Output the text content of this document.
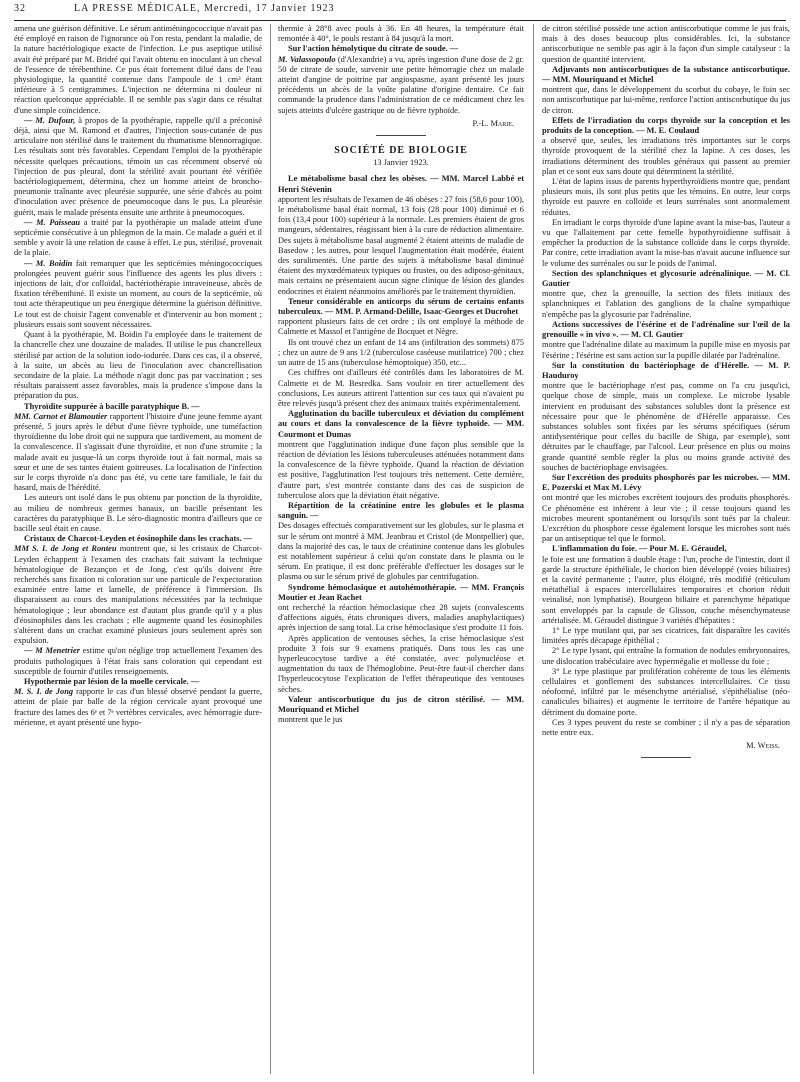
32	LA PRESSE MÉDICALE, Mercredi, 17 Janvier 1923

amena une guérison définitive. Le sérum antiméningococcique n'avait pas été employé en raison de l'ignorance où l'on resta, pendant la maladie, de la nature bactériologique exacte de l'infection. Le pus aseptique utilisé avait été préparé par M. Bridré qui l'avait obtenu en inoculant à un cheval de l'essence de térébenthine. Ce pus était fortement dilué dans de l'eau physiologique, la quantité contenue dans l'ampoule de 1 cm³ étant inférieure à 5 centigrammes. L'injection ne détermina ni douleur ni réaction quelconque appréciable. Il ne semble pas s'agir dans ce résultat d'une simple coïncidence.

— M. Dufour, à propos de la pyothérapie, rappelle qu'il a préconisé déjà, ainsi que M. Ramond et d'autres, l'injection sous-cutanée de pus articulaire non stérilisé dans le traitement du rhumatisme blennorragique. Les résultats sont très favorables. Cependant l'emploi de la pyothérapie nécessite quelques précautions, témoin un cas récemment observé où l'injection de pus pleural, dont la stérilité avait pourtant été vérifiée bactériologiquement, détermina, chez un homme atteint de broncho-pneumonie traînante avec pleurésie suppurée, une série d'abcès au point d'inoculation avec présence de pneumocoque dans le pus. La pleurésie guérit, mais le malade présenta ensuite une arthrite à pneumocoques.

— M. Paisseau a traité par la pyothérapie un malade atteint d'une septicémie consécutive à un phlegmon de la main. Ce malade a guéri et il semble y avoir là une relation de cause à effet. Le pus, stérilisé, provenait de la plaie.

— M. Boidin fait remarquer que les septicémies méningococciques prolongées peuvent guérir sous l'influence des agents les plus divers : injections de lait, d'or colloïdal, bactériothérapie intraveineuse, abcès de fixation térébenthiné. Il existe un moment, au cours de la septicémie, où tout acte thérapeutique un peu énergique détermine la guérison définitive. Le tout est de choisir l'agent convenable et d'intervenir au bon moment ; plusieurs essais sont souvent nécessaires.

Quant à la pyothérapie, M. Boidin l'a employée dans le traitement de la chancrelle chez une douzaine de malades. Il utilise le pus chancrelleux stérilisé par action de la solution iodo-iodurée. Dans ces cas, il a observé, à la suite, un abcès au lieu de l'inoculation avec chancrellisation secondaire de la plaie. La méthode n'agit donc pas par vaccination ; ses résultats paraissent assez favorables, mais la prudence s'impose dans la préparation du pus.

Thyroïdite suppurée à bacille paratyphique B. —

MM. Carnot et Blamoutier rapportent l'histoire d'une jeune femme ayant présenté, 5 jours après le début d'une fièvre typhoïde, une tuméfaction thyroïdienne du lobe droit qui ne suppura que tardivement, au moment de la convalescence. Il s'agissait d'une thyroïdite, et non d'une strumite ; la malade avait eu jusque-là un corps thyroïde tout à fait normal, mais sa sœur et une de ses tantes étaient goitreuses. La localisation de l'infection sur le corps thyroïde n'a donc pas été, vu cette tare familiale, le fait du hasard, mais de l'hérédité.

Les auteurs ont isolé dans le pus obtenu par ponction de la thyroïdite, au milieu de nombreux germes banaux, un bacille présentant les caractères du paratyphique B. Le séro-diagnostic montra d'ailleurs que ce bacille seul était en cause.

Cristaux de Charcot-Leyden et éosinophile dans les crachats. —

MM S. I. de Jong et Ronteu montrent que, si les cristaux de Charcot-Leyden échappent à l'examen des crachats fait suivant la technique hématologique de Bezançon et de Jong, c'est qu'ils doivent être recherchés sans fixation ni coloration sur une particule de l'expectoration examinée entre lame et lamelle, de préférence à l'immersion. Ils disparaissent au cours des manipulations nécessitées par la technique hématologique ; leur abondance est d'autant plus grande qu'il y a plus d'éosinophiles dans les crachats ; elle augmente quand les éosinophiles s'altèrent dans un crachat examiné plusieurs jours seulement après son expulsion.

— M Menetrier estime qu'on néglige trop actuellement l'examen des produits pathologiques à l'état frais sans coloration qui cependant est susceptible de fournir d'utiles renseignements.

Hypothermie par lésion de la moelle cervicale. —

M. S. I. de Jong rapporte le cas d'un blessé observé pendant la guerre, atteint de plaie par balle de la région cervicale ayant provoqué une fracture des lames des 6ᵉ et 7ᵉ vertèbres cervicales, avec hémorragie dure-mérienne, et ayant présenté une hypo-

thermie à 28°8 avec pouls à 36. En 48 heures, la température était remontée à 40°, le pouls restant à 84 jusqu'à la mort.

Sur l'action hémolytique du citrate de soude. —

M. Valassopoulo (d'Alexandrie) a vu, après ingestion d'une dose de 2 gr. 50 de citrate de soude, survenir une petite hémorragie chez un malade atteint d'angine de poitrine par angiospasme, ayant présenté les jours précédents un abcès de la voûte palatine d'origine dentaire. Ce fait commande la prudence dans l'administration de ce médicament chez les sujets atteints d'ulcère gastrique ou de fièvre typhoïde.

P.-L. Marie.
SOCIÉTÉ DE BIOLOGIE
13 Janvier 1923.

Le métabolisme basal chez les obèses. — MM. Marcel Labbé et Henri Stévenin

apportent les résultats de l'examen de 46 obèses : 27 fois (58,6 pour 100), le métabolisme basal était normal, 13 fois (28 pour 100) diminué et 6 fois (13,4 pour 100) supérieur à la normale. Les premiers étaient de gros mangeurs, sédentaires, réagissant bien à la cure de réduction alimentaire. Des sujets à métabolisme basal augmenté 2 étaient atteints de maladie de Basedow ; les autres, pour lesquel l'augmentation était modérée, étaient des suralimentés. Une partie des sujets à métabolisme basal diminué étaient des myxœdémateux typiques ou frustes, ou des adiposo-génitaux, mais certains ne présentaient aucun signe clinique de lésion des glandes endocrines et étaient néanmoins améliorés par le traitement thyroïdien.

Teneur considérable en anticorps du sérum de certains enfants tuberculeux. — MM. P. Armand-Delille, Isaac-Georges et Ducrohet

rapportent plusieurs faits de cet ordre ; ils ont employé la méthode de Calmette et Massol et l'antigène de Bocquet et Nègre.

Ils ont trouvé chez un enfant de 14 ans (infiltration des sommets) 875 ; chez un autre de 9 ans 1/2 (tuberculose caséeuse mutilatrice) 700 ; chez un autre de 15 ans (tuberculose hémoptoïque) 350, etc...

Ces chiffres ont d'ailleurs été contrôlés dans les laboratoires de M. Calmette et de M. Besredka. Sans vouloir en tirer actuellement des conclusions, Les auteurs attirent l'attention sur ces taux qui n'avaient pu être relevés jusqu'à présent chez des animaux traités expérimentalement.

Agglutination du bacille tuberculeux et déviation du complément au cours et dans la convalescence de la fièvre typhoïde. — MM. Courmont et Dumas

montrent que l'agglutination indique d'une façon plus sensible que la réaction de déviation les lésions tuberculeuses atténuées notamment dans la convalescence de la fièvre typhoïde. Quand la réaction de déviation est positive, l'agglutination l'est toujours très nettement. Cette dernière, d'autre part, s'est montrée constante dans des cas de suspicion de tuberculose alors que la déviation était négative.

Répartition de la créatinine entre les globules et le plasma sanguin. —

Des dosages effectués comparativement sur les globules, sur le plasma et sur le sérum ont montré à MM. Jeanbrau et Cristol (de Montpellier) que, dans la majorité des cas, le taux de créatinine contenue dans les globules est notablement supérieur à celui qu'on constate dans le plasma ou le sérum. En pratique, il est donc préférable d'effectuer les dosages sur le plasma ou sur le sérum privé de globules par centrifugation.

Syndrome hémoclasique et autohémothérapie. — MM. François Moutier et Jean Rachet

ont recherché la réaction hémoclasique chez 28 sujets (convalescents d'affections aiguës, états chroniques divers, maladies anaphylactiques) après injection de sang total. La crise hémoclasique s'est produite 11 fois.

Après application de ventouses sèches, la crise hémoclasique s'est produite 3 fois sur 9 examens pratiqués. Dans tous les cas une hyperleucocytose tardive a été constatée, avec polynucléose et augmentation du taux de l'hémoglobine. Peut-être faut-il chercher dans l'hyperleucocytose l'explication de l'effet thérapeutique des ventouses sèches.

Valeur antiscorbutique du jus de citron stérilisé. — MM. Mouriquand et Michel

montrent que le jus

de citron stérilisé possède une action antiscorbutique comme le jus frais, mais à des doses beaucoup plus considérables. Ici, la substance antiscorbutique ne semble pas agir à la façon d'un simple catalyseur : la question de quantité intervient.

Adjuvants non antiscorbutiques de la substance antiscorbutique. — MM. Mouriquand et Michel

montrent que, dans le développement du scorbut du cobaye, le foin sec non antiscorbutique par lui-même, renforce l'action antiscorbutique du jus de citron.

Effets de l'irradiation du corps thyroïde sur la conception et les produits de la conception. — M. E. Coulaud

a observé que, seules, les irradiations très importantes sur le corps thyroïde provoquent de la stérilité chez la lapine. A ces doses, les irradiations déterminent des troubles généraux qui passent au premier plan et ce sont eux sans doute qui déterminent la stérilité.

L'état de lapins issus de parents hyperthyroïdiens montre que, pendant plusieurs mois, ils sont plus petits que les témoins. En outre, leur corps thyroïde est pauvre en colloïde et leurs surrénales sont anormalement réduites.

En irradiant le corps thyroïde d'une lapine avant la mise-bas, l'auteur a vu que l'allaitement par cette femelle hypothyroïdienne suffisait à empêcher la production de la substance colloïde dans le corps thyroïde. Par contre, cette irradiation avant la mise-bas n'avait aucune influence sur le volume des surrénales ou sur le poids de l'animal.

Section des splanchniques et glycosurie adrénalinique. — M. Cl. Gautier

montre que, chez la grenouille, la section des filets initiaux des splanchniques et l'ablation des ganglions de la chaîne sympathique n'empêche pas la glycosurie par l'adrénaline.

Actions successives de l'ésérine et de l'adrénaline sur l'œil de la grenouille « in vivo ». — M. Cl. Gautier

montre que l'adrénaline dilate au maximum la pupille mise en myosis par l'ésérine ; l'ésérine est sans action sur la pupille dilatée par l'adrénaline.

Sur la constitution du bactériophage de d'Hérelle. — M. P. Hauduroy

montre que le bactériophage n'est pas, comme on l'a cru jusqu'ici, quelque chose de simple, mais un complexe. Le microbe lysable intervient en produisant des substances solubles dont la présence est nécessaire pour que le phénomène de d'Hérelle apparaisse. Ces substances solubles sont fixées par les sérums spécifiques (sérum antidysentérique pour celles du bacille de Shiga, par exemple), sont détruites par le chauffage, par l'alcool. Leur présence en plus ou moins grande quantité semble régler la plus ou moins grande activité des souches de bactériophage envisagées.

Sur l'excrétion des produits phosphorés par les microbes. — MM. E. Pozerski et Max M. Lévy

ont montré que les microbes excrètent toujours des produits phosphorés. Ce phénomène est inhérent à leur vie ; il cesse toujours quand les microbes meurent spontanément ou lorsqu'ils sont tués par la chaleur. L'excrétion du phosphore cesse également lorsque les microbes sont tués par un antiseptique tel que le formol.

L'inflammation du foie. — Pour M. E. Géraudel,

le foie est une formation à double étage : l'un, proche de l'intestin, dont il garde la structure épithéliale, le chorion bien développé (voies biliaires) et la cavité permanente ; l'autre, plus éloigné, très modifié (réticulum métathélial à espaces intercellulaires temporaires et chorion réduit veinalisé, non lymphatisé). Bourgeon biliaire et parenchyme hépatique sont enveloppés par la capsule de Glisson, couche mésenchymateuse artérialisée. M. Géraudel distingue 3 variétés d'hépatites :

1° Le type mutilant qui, par ses cicatrices, fait disparaître les cavités limitées après décapage épithélial ;

2° Le type lysant, qui entraîne la formation de nodules embryonnaires, une dislocation trabéculaire avec hypermégalie et mollesse du foie ;

3° Le type plastique par prolifération cohérente de tous les éléments cellulaires et gonflement des substances intercellulaires. Ce tissu néoformé, infiltré par le mésenchyme artérialisé, s'épithélialise (néo-canalicules biliaires) et augmente le territoire de l'artère hépatique au détriment du domaine porte.

Ces 3 types peuvent du reste se combiner ; il n'y a pas de séparation nette entre eux.

M. Weiss.
